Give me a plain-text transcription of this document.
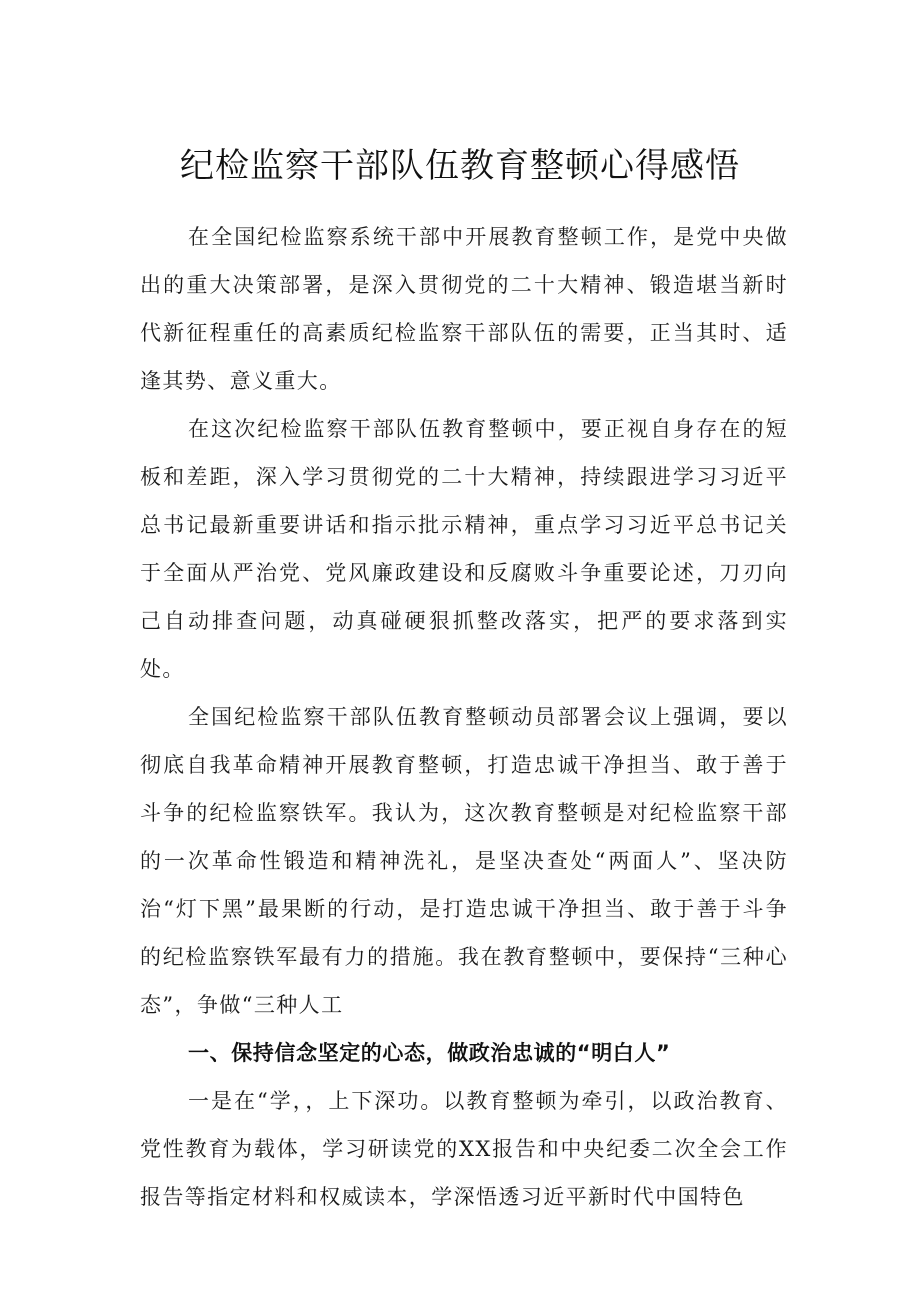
纪检监察干部队伍教育整顿心得感悟

在全国纪检监察系统干部中开展教育整顿工作，是党中央做出的重大决策部署，是深入贯彻党的二十大精神、锻造堪当新时代新征程重任的高素质纪检监察干部队伍的需要，正当其时、适逢其势、意义重大。

在这次纪检监察干部队伍教育整顿中，要正视自身存在的短板和差距，深入学习贯彻党的二十大精神，持续跟进学习习近平总书记最新重要讲话和指示批示精神，重点学习习近平总书记关于全面从严治党、党风廉政建设和反腐败斗争重要论述，刀刃向己自动排查问题，动真碰硬狠抓整改落实，把严的要求落到实处。

全国纪检监察干部队伍教育整顿动员部署会议上强调，要以彻底自我革命精神开展教育整顿，打造忠诚干净担当、敢于善于斗争的纪检监察铁军。我认为，这次教育整顿是对纪检监察干部的一次革命性锻造和精神洗礼，是坚决查处“两面人”、坚决防治“灯下黑”最果断的行动，是打造忠诚干净担当、敢于善于斗争的纪检监察铁军最有力的措施。我在教育整顿中，要保持“三种心态”，争做“三种人工

一、保持信念坚定的心态，做政治忠诚的“明白人”

一是在“学，，上下深功。以教育整顿为牵引，以政治教育、党性教育为载体，学习研读党的XX报告和中央纪委二次全会工作报告等指定材料和权威读本，学深悟透习近平新时代中国特色
